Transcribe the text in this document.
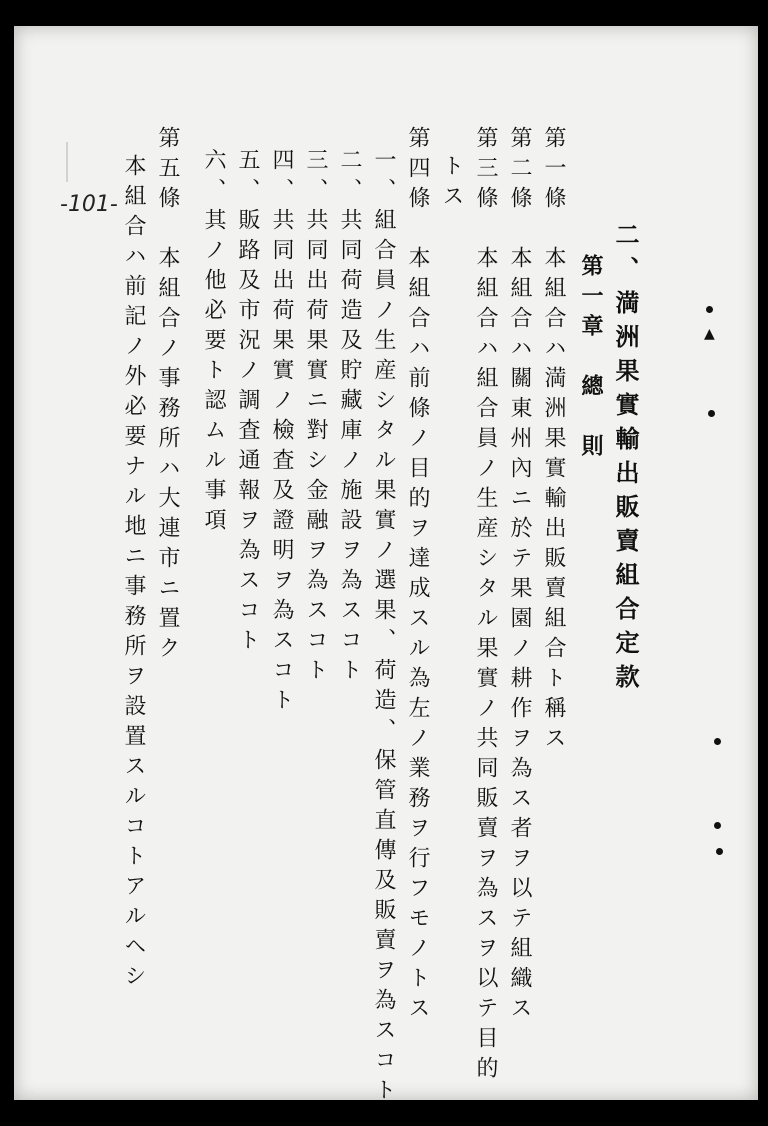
-101-
二、満洲果實輸出販賣組合定款
第一章　總　則
第一條　本組合ハ満洲果實輸出販賣組合ト稱ス
第二條　本組合ハ關東州內ニ於テ果園ノ耕作ヲ為ス者ヲ以テ組織ス
第三條　本組合ハ組合員ノ生産シタル果實ノ共同販賣ヲ為スヲ以テ目的
トス
第四條　本組合ハ前條ノ目的ヲ達成スル為左ノ業務ヲ行フモノトス
一、組合員ノ生産シタル果實ノ選果、荷造、保管直傳及販賣ヲ為スコト
二、共同荷造及貯藏庫ノ施設ヲ為スコト
三、共同出荷果實ニ對シ金融ヲ為スコト
四、共同出荷果實ノ檢査及證明ヲ為スコト
五、販路及市況ノ調査通報ヲ為スコト
六、其ノ他必要ト認ムル事項
第五條　本組合ノ事務所ハ大連市ニ置ク
本組合ハ前記ノ外必要ナル地ニ事務所ヲ設置スルコトアルヘシ	▲
